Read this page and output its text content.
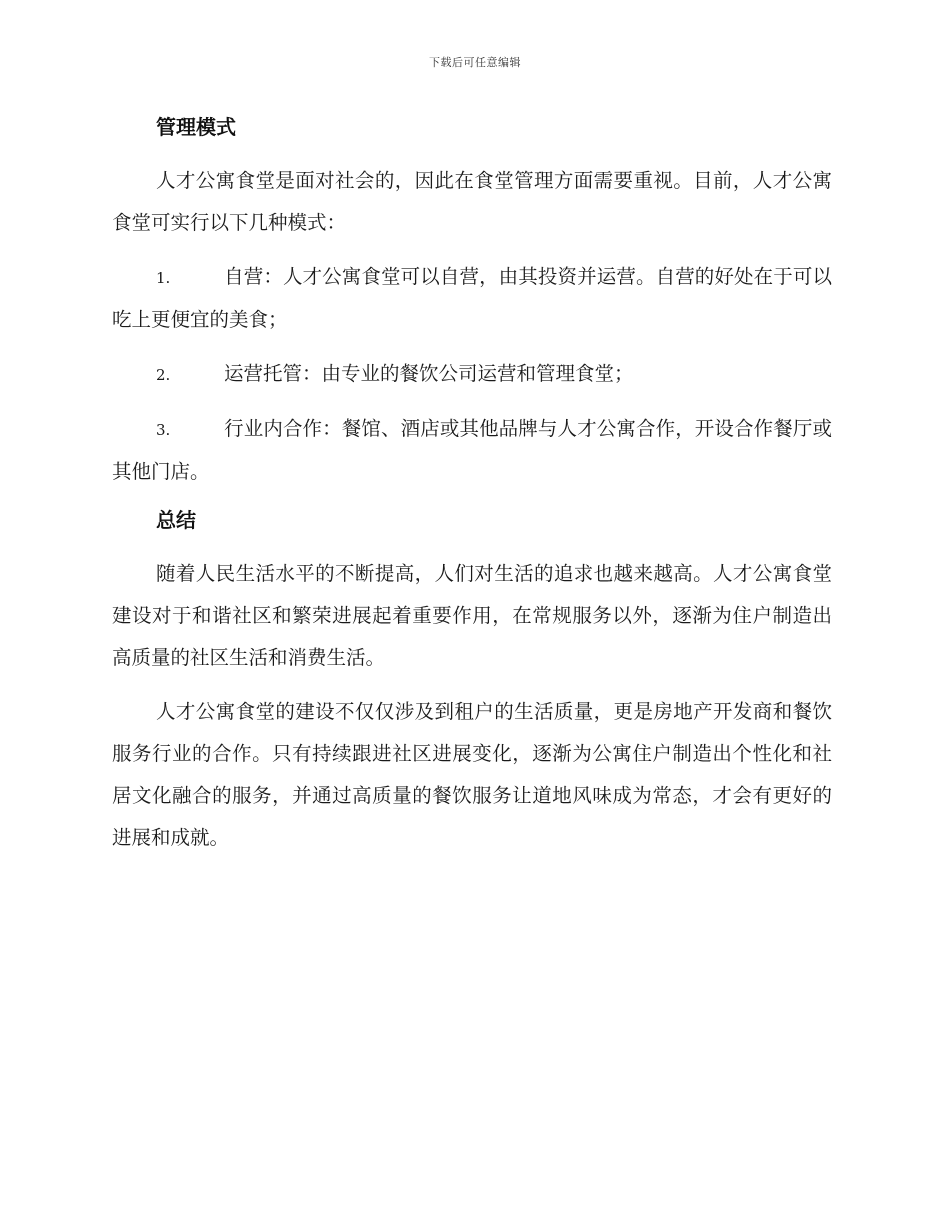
下载后可任意编辑
管理模式

人才公寓食堂是面对社会的，因此在食堂管理方面需要重视。目前，人才公寓食堂可实行以下几种模式：

1.	自营：人才公寓食堂可以自营，由其投资并运营。自营的好处在于可以吃上更便宜的美食；
2.	运营托管：由专业的餐饮公司运营和管理食堂；
3.	行业内合作：餐馆、酒店或其他品牌与人才公寓合作，开设合作餐厅或其他门店。
总结

随着人民生活水平的不断提高，人们对生活的追求也越来越高。人才公寓食堂建设对于和谐社区和繁荣进展起着重要作用，在常规服务以外，逐渐为住户制造出高质量的社区生活和消费生活。

人才公寓食堂的建设不仅仅涉及到租户的生活质量，更是房地产开发商和餐饮服务行业的合作。只有持续跟进社区进展变化，逐渐为公寓住户制造出个性化和社居文化融合的服务，并通过高质量的餐饮服务让道地风味成为常态，才会有更好的进展和成就。
